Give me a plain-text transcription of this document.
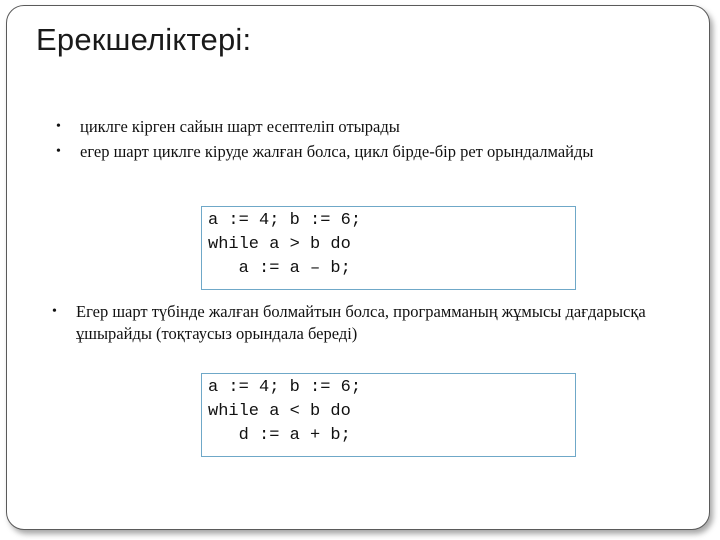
Ерекшеліктері:
• циклге кірген сайын шарт есептеліп отырады
• егер шарт циклге кіруде жалған болса, цикл бірде-бір рет орындалмайды
a := 4; b := 6;
while a > b do
a := a – b;
• Егер шарт түбінде жалған болмайтын болса, программаның жұмысы дағдарысқа ұшырайды (тоқтаусыз орындала береді)
a := 4; b := 6;
while a < b do
d := a + b;
